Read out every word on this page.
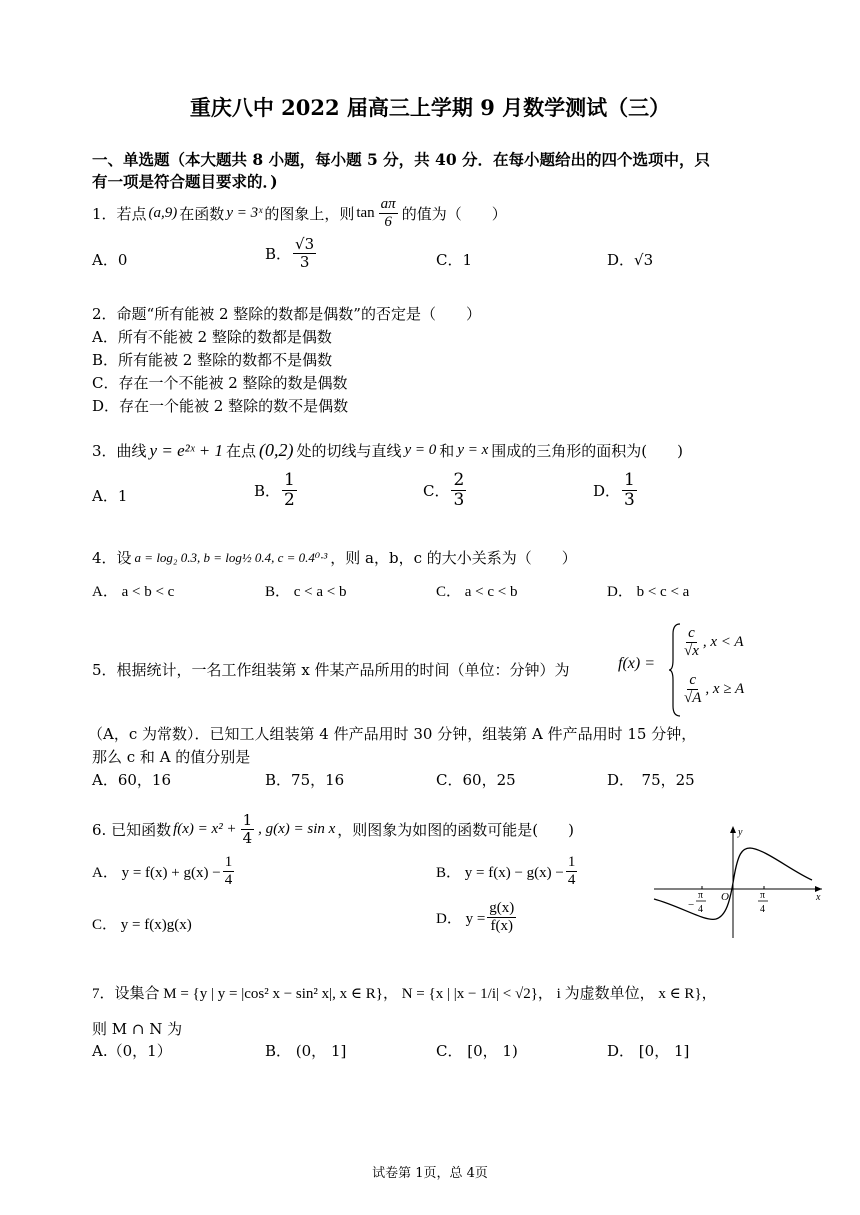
重庆八中 2022 届高三上学期 9 月数学测试（三）
一、单选题（本大题共 8 小题，每小题 5 分，共 40 分．在每小题给出的四个选项中，只
有一项是符合题目要求的．)
1．若点 (a,9) 在函数 y = 3ˣ 的图象上，则 $\tan \frac{a\pi}{6}$ 的值为（　　）
A．0	B． $\frac{√3}{3}$	C．1	D．√3
2．命题“所有能被 2 整除的数都是偶数”的否定是（　　）
A．所有不能被 2 整除的数都是偶数
B．所有能被 2 整除的数都不是偶数
C．存在一个不能被 2 整除的数是偶数
D．存在一个能被 2 整除的数不是偶数
3．曲线 y = e²ˣ + 1 在点 (0,2) 处的切线与直线 y = 0 和 y = x 围成的三角形的面积为(　　)
A．1	B． $\frac{1}{2}$	C． $\frac{2}{3}$	D． $\frac{1}{3}$
4．设 a = log₂ 0.3, b = log½ 0.4, c = 0.4⁰·³ ，则 a，b，c 的大小关系为（　　）
A． a < b < c	B． c < a < b	C． a < c < b	D． b < c < a
5．根据统计，一名工作组装第 x 件某产品所用的时间（单位：分钟）为	f(x) =
$\frac{c}{√x}$ , x < A
$\frac{c}{√A}$ , x ≥ A
（A，c 为常数）．已知工人组装第 4 件产品用时 30 分钟，组装第 A 件产品用时 15 分钟，
那么 c 和 A 的值分别是
A．60，16	B．75，16	C．60，25	D．　75，25
6. 已知函数 $f(x) = x^2 + \frac{1}{4}$ , g(x) = sin x ，则图象为如图的函数可能是(　　)
A． $y = f(x) + g(x) - \frac{1}{4}$	B． $y = f(x) - g(x) - \frac{1}{4}$
C． y = f(x)g(x)	D． $y = \frac{g(x)}{f(x)}$
y
x
O
−
π
4
π
4
7．设集合 M = {y | y = |cos² x − sin² x|, x ∈ R}， N = {x | |x − 1/i| < √2}， i 为虚数单位， x ∈ R}，
则 M ∩ N 为
A.（0，1）	B． (0， 1]	C． [0， 1)	D． [0， 1]
试卷第 1页，总 4页
